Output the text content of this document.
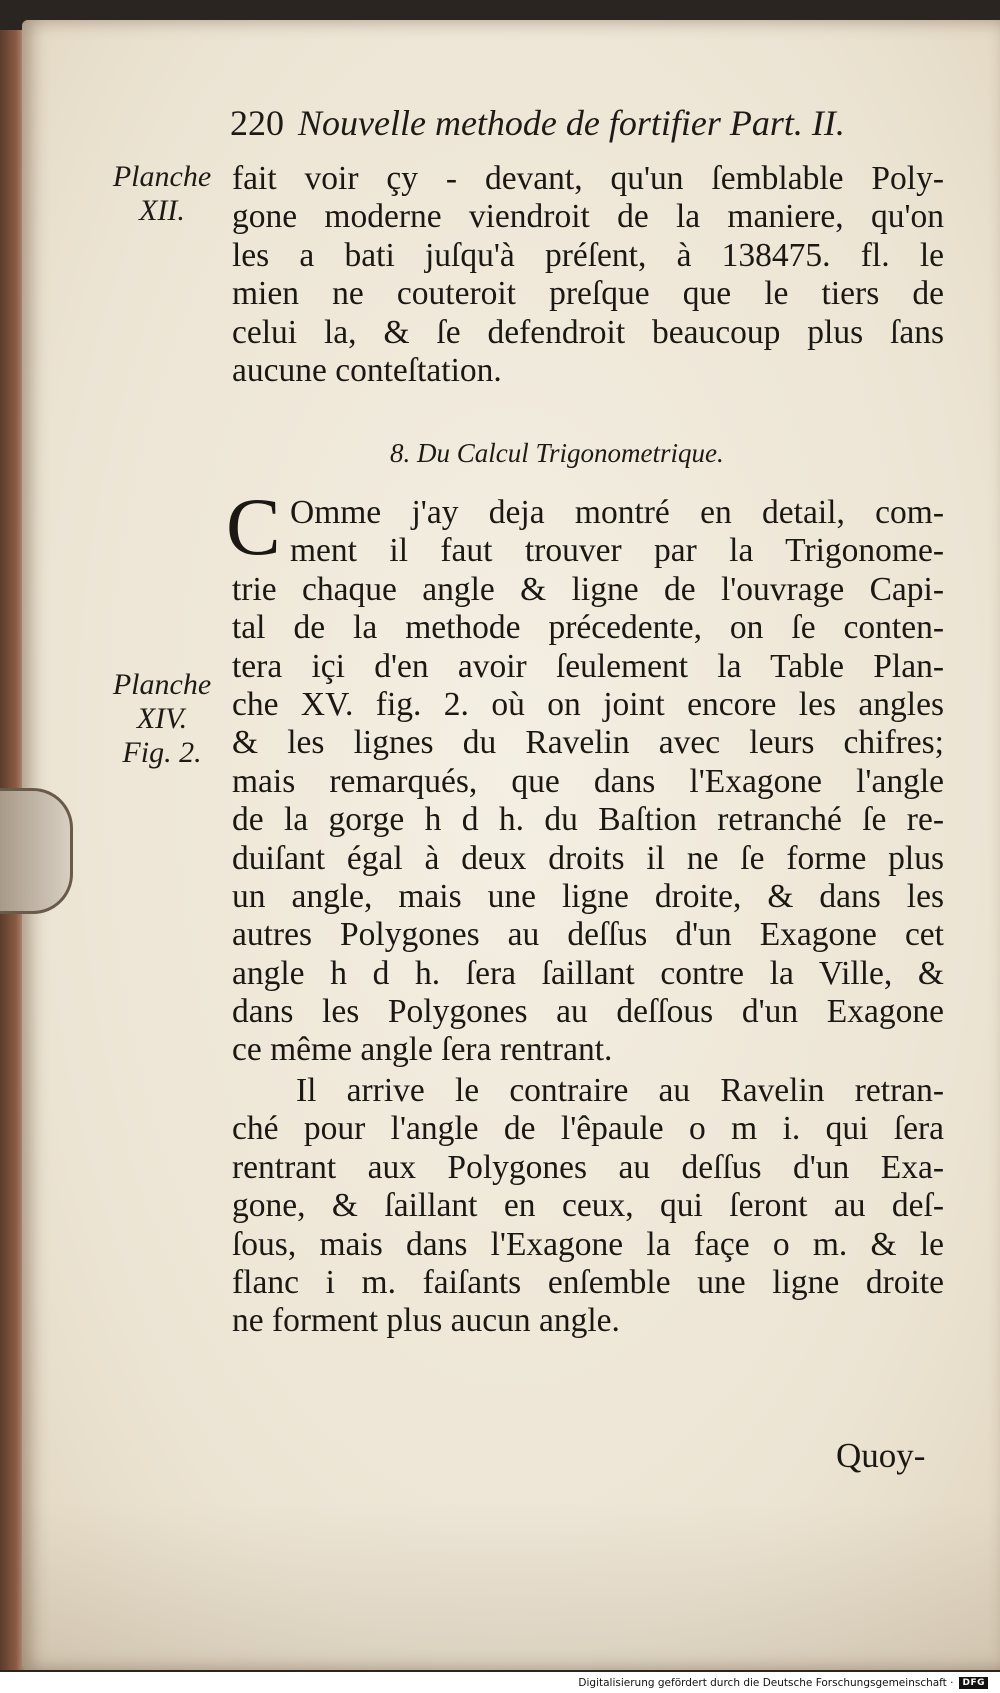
220 Nouvelle methode de fortifier Part. II.
Planche
XII.
fait voir çy - devant, qu'un ſemblable Poly-
gone moderne viendroit de la maniere, qu'on
les a bati juſqu'à préſent, à 138475. fl. le
mien ne couteroit preſque que le tiers de
celui la, & ſe defendroit beaucoup plus ſans
aucune conteſtation.
8. Du Calcul Trigonometrique.
C Omme j'ay deja montré en detail, com-
ment il faut trouver par la Trigonome-
trie chaque angle & ligne de l'ouvrage Capi-
tal de la methode précedente, on ſe conten-
tera içi d'en avoir ſeulement la Table Plan-
che XV. fig. 2. où on joint encore les angles
& les lignes du Ravelin avec leurs chifres;
mais remarqués, que dans l'Exagone l'angle
de la gorge h d h. du Baſtion retranché ſe re-
duiſant égal à deux droits il ne ſe forme plus
un angle, mais une ligne droite, & dans les
autres Polygones au deſſus d'un Exagone cet
angle h d h. ſera ſaillant contre la Ville, &
dans les Polygones au deſſous d'un Exagone
ce même angle ſera rentrant.
Planche
XIV.
Fig. 2.
Il arrive le contraire au Ravelin retran-
ché pour l'angle de l'êpaule o m i. qui ſera
rentrant aux Polygones au deſſus d'un Exa-
gone, & ſaillant en ceux, qui ſeront au deſ-
ſous, mais dans l'Exagone la façe o m. & le
flanc i m. faiſants enſemble une ligne droite
ne forment plus aucun angle.
Quoy-
Digitalisierung gefördert durch die Deutsche Forschungsgemeinschaft ·	DFG
